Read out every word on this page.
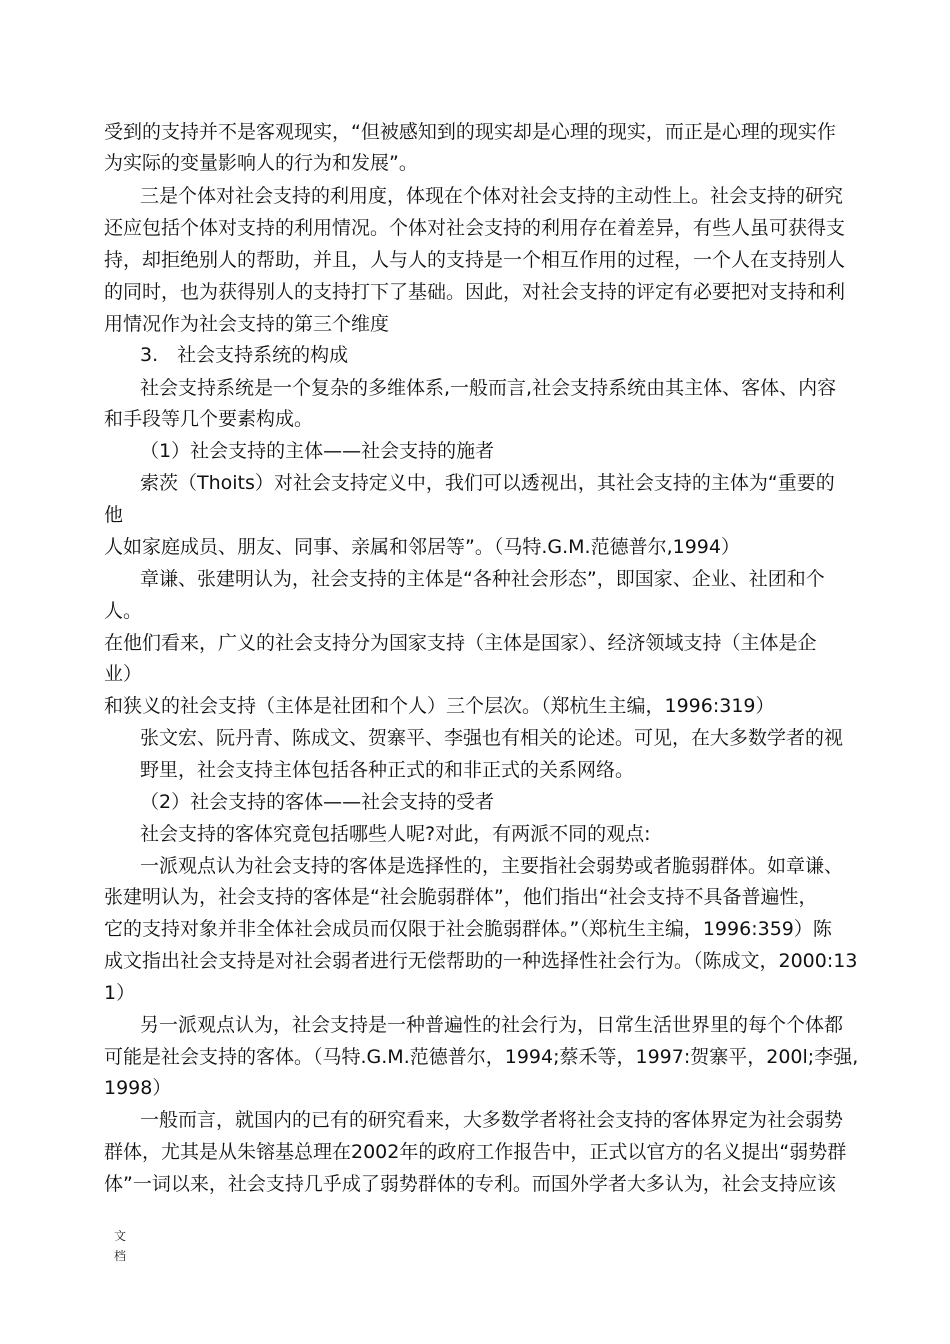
受到的支持并不是客观现实，“但被感知到的现实却是心理的现实，而正是心理的现实作
为实际的变量影响人的行为和发展”。
三是个体对社会支持的利用度，体现在个体对社会支持的主动性上。社会支持的研究
还应包括个体对支持的利用情况。个体对社会支持的利用存在着差异，有些人虽可获得支
持，却拒绝别人的帮助，并且，人与人的支持是一个相互作用的过程，一个人在支持别人
的同时，也为获得别人的支持打下了基础。因此，对社会支持的评定有必要把对支持和利
用情况作为社会支持的第三个维度
3.　社会支持系统的构成
社会支持系统是一个复杂的多维体系,一般而言,社会支持系统由其主体、客体、内容
和手段等几个要素构成。
（1）社会支持的主体——社会支持的施者
索茨（Thoits）对社会支持定义中，我们可以透视出，其社会支持的主体为“重要的
他
人如家庭成员、朋友、同事、亲属和邻居等”。（马特.G.M.范德普尔,1994）
章谦、张建明认为，社会支持的主体是“各种社会形态”，即国家、企业、社团和个
人。
在他们看来，广义的社会支持分为国家支持（主体是国家）、经济领域支持（主体是企
业）
和狭义的社会支持（主体是社团和个人）三个层次。（郑杭生主编，1996:319）
张文宏、阮丹青、陈成文、贺寨平、李强也有相关的论述。可见，在大多数学者的视
野里，社会支持主体包括各种正式的和非正式的关系网络。
（2）社会支持的客体——社会支持的受者
社会支持的客体究竟包括哪些人呢?对此，有两派不同的观点:
一派观点认为社会支持的客体是选择性的，主要指社会弱势或者脆弱群体。如章谦、
张建明认为，社会支持的客体是“社会脆弱群体”，他们指出“社会支持不具备普遍性，
它的支持对象并非全体社会成员而仅限于社会脆弱群体。”（郑杭生主编，1996:359）陈
成文指出社会支持是对社会弱者进行无偿帮助的一种选择性社会行为。（陈成文，2000:13
1）
另一派观点认为，社会支持是一种普遍性的社会行为，日常生活世界里的每个个体都
可能是社会支持的客体。（马特.G.M.范德普尔，1994;蔡禾等，1997:贺寨平，200l;李强,
1998）
一般而言，就国内的已有的研究看来，大多数学者将社会支持的客体界定为社会弱势
群体，尤其是从朱镕基总理在2002年的政府工作报告中，正式以官方的名义提出“弱势群
体”一词以来，社会支持几乎成了弱势群体的专利。而国外学者大多认为，社会支持应该
文档
